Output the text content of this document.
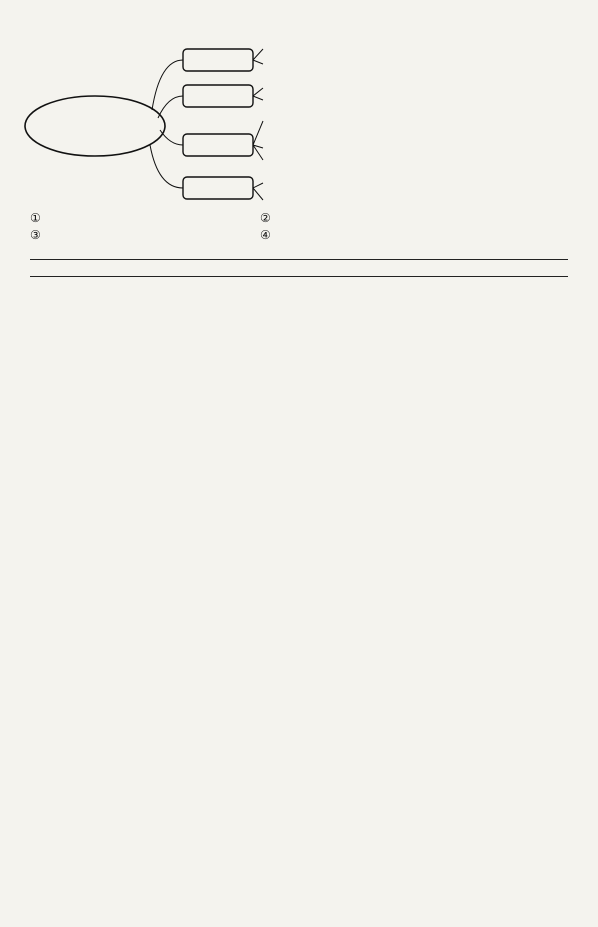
①	②
③	④
